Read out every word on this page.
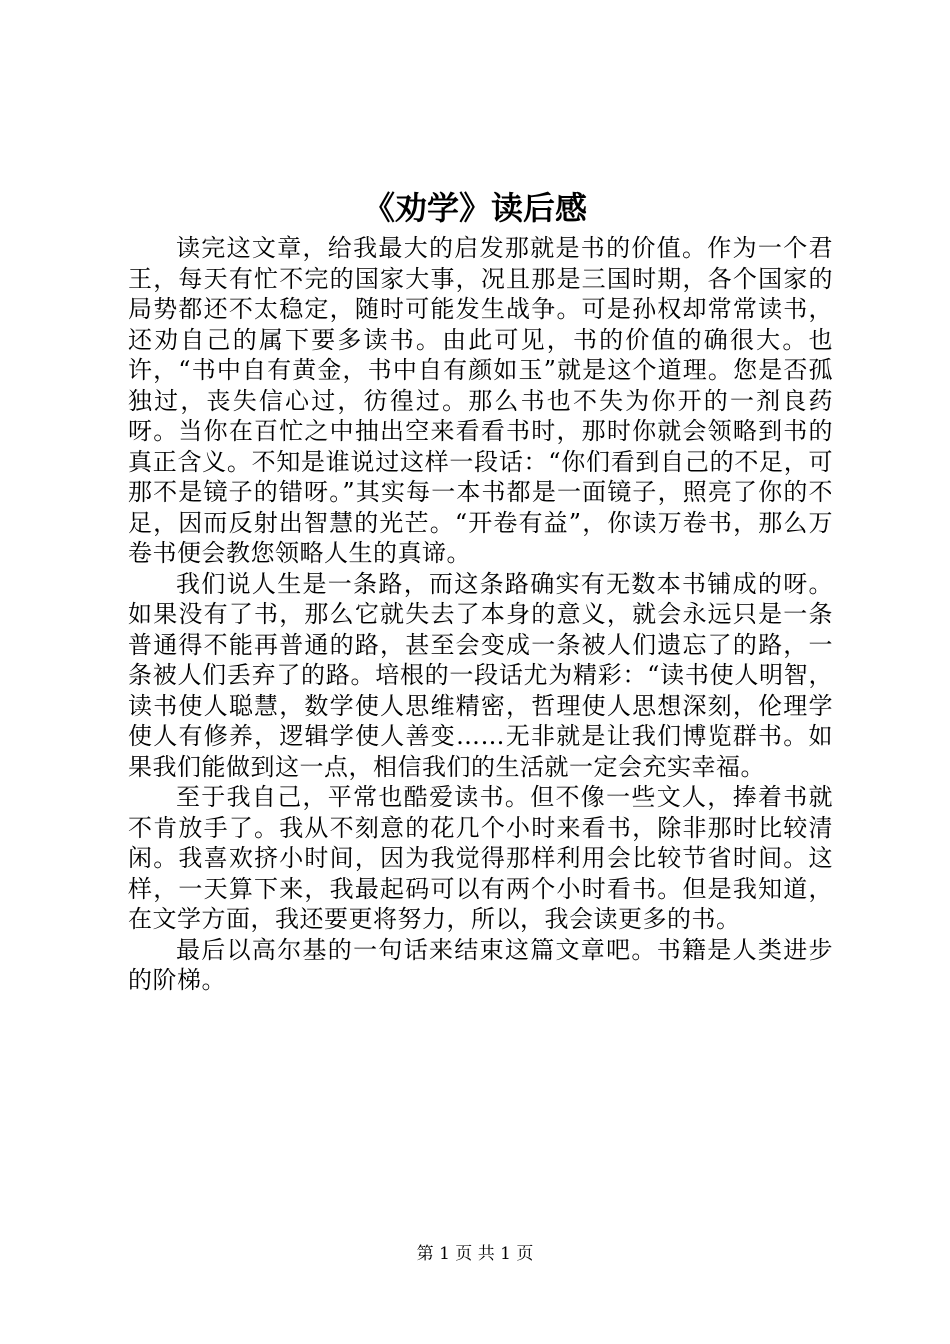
《劝学》读后感

读完这文章，给我最大的启发那就是书的价值。作为一个君王，每天有忙不完的国家大事，况且那是三国时期，各个国家的局势都还不太稳定，随时可能发生战争。可是孙权却常常读书，还劝自己的属下要多读书。由此可见，书的价值的确很大。也许，“书中自有黄金，书中自有颜如玉”就是这个道理。您是否孤独过，丧失信心过，彷徨过。那么书也不失为你开的一剂良药呀。当你在百忙之中抽出空来看看书时，那时你就会领略到书的真正含义。不知是谁说过这样一段话：“你们看到自己的不足，可那不是镜子的错呀。”其实每一本书都是一面镜子，照亮了你的不足，因而反射出智慧的光芒。“开卷有益”，你读万卷书，那么万卷书便会教您领略人生的真谛。

我们说人生是一条路，而这条路确实有无数本书铺成的呀。如果没有了书，那么它就失去了本身的意义，就会永远只是一条普通得不能再普通的路，甚至会变成一条被人们遗忘了的路，一条被人们丢弃了的路。培根的一段话尤为精彩：“读书使人明智，读书使人聪慧，数学使人思维精密，哲理使人思想深刻，伦理学使人有修养，逻辑学使人善变……无非就是让我们博览群书。如果我们能做到这一点，相信我们的生活就一定会充实幸福。

至于我自己，平常也酷爱读书。但不像一些文人，捧着书就不肯放手了。我从不刻意的花几个小时来看书，除非那时比较清闲。我喜欢挤小时间，因为我觉得那样利用会比较节省时间。这样，一天算下来，我最起码可以有两个小时看书。但是我知道，在文学方面，我还要更将努力，所以，我会读更多的书。

最后以高尔基的一句话来结束这篇文章吧。书籍是人类进步的阶梯。

第 1 页 共 1 页
